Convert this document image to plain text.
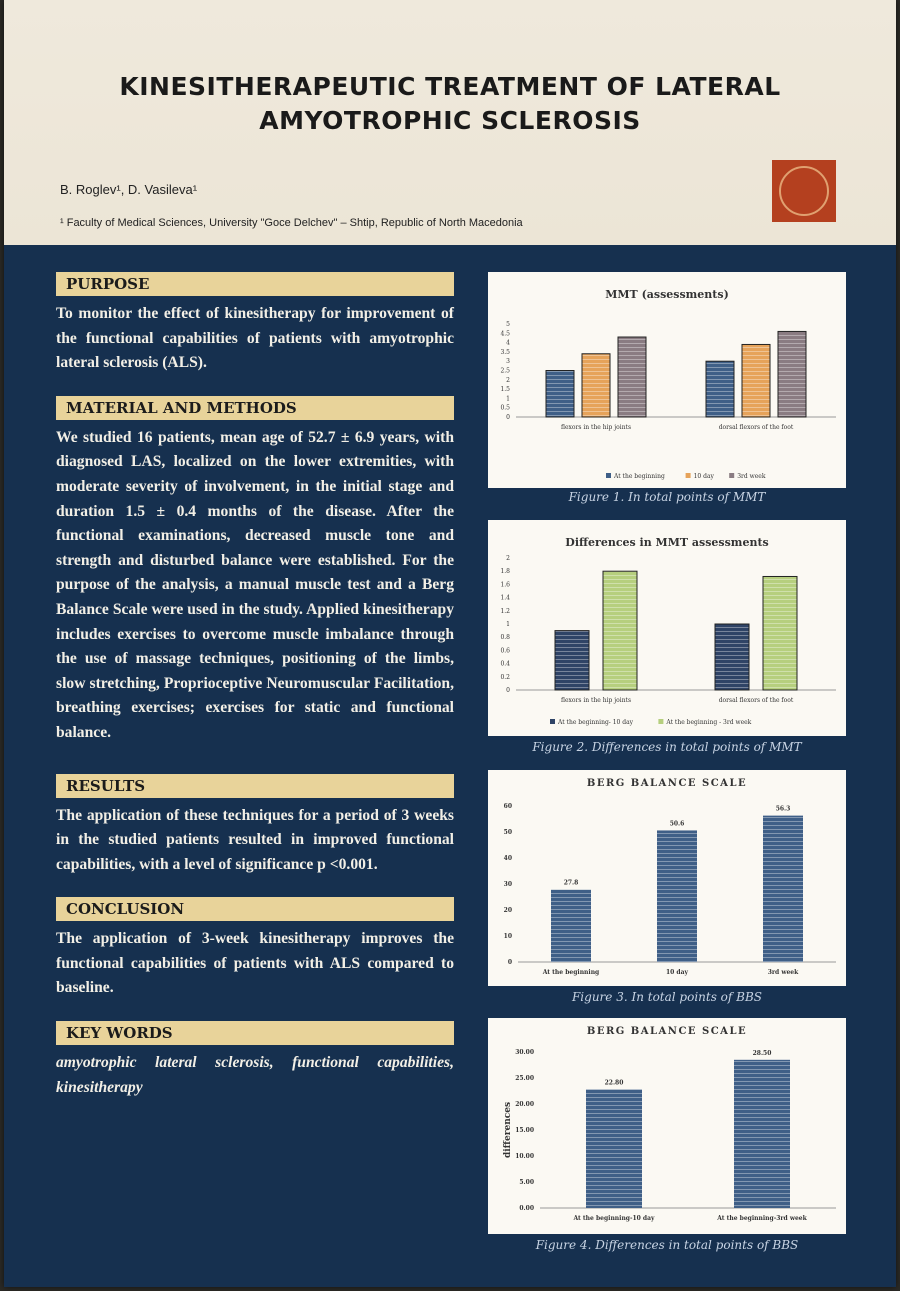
KINESITHERAPEUTIC TREATMENT OF LATERAL
AMYOTROPHIC SCLEROSIS
B. Roglev¹, D. Vasileva¹
¹ Faculty of Medical Sciences, University "Goce Delchev" – Shtip, Republic of North Macedonia
PURPOSE
To monitor the effect of kinesitherapy for improvement of the functional capabilities of patients with amyotrophic lateral sclerosis (ALS).
MATERIAL AND METHODS
We studied 16 patients, mean age of 52.7 ± 6.9 years, with diagnosed LAS, localized on the lower extremities, with moderate severity of involvement, in the initial stage and duration 1.5 ± 0.4 months of the disease. After the functional examinations, decreased muscle tone and strength and disturbed balance were established. For the purpose of the analysis, a manual muscle test and a Berg Balance Scale were used in the study. Applied kinesitherapy includes exercises to overcome muscle imbalance through the use of massage techniques, positioning of the limbs, slow stretching, Proprioceptive Neuromuscular Facilitation, breathing exercises; exercises for static and functional balance.
RESULTS
The application of these techniques for a period of 3 weeks in the studied patients resulted in improved functional capabilities, with a level of significance p <0.001.
CONCLUSION
The application of 3-week kinesitherapy improves the functional capabilities of patients with ALS compared to baseline.
KEY WORDS
amyotrophic lateral sclerosis, functional capabilities, kinesitherapy
MMT (assessments)
0
0.5
1
1.5
2
2.5
3
3.5
4
4.5
5
flexors in the hip joints	dorsal flexors of the foot
At the beginning	10 day	3rd week
Figure 1. In total points of MMT
Differences in MMT assessments
0
0.2
0.4
0.6
0.8
1
1.2
1.4
1.6
1.8
2
flexors in the hip joints	dorsal flexors of the foot
At the beginning- 10 day	At the beginning - 3rd week
Figure 2. Differences in total points of MMT
BERG BALANCE SCALE
0
10
20
30
40
50
60
27.8
At the beginning
50.6
10 day
56.3
3rd week
Figure 3. In total points of BBS
BERG BALANCE SCALE
0.00
5.00
10.00
15.00
20.00
25.00
30.00
differences
22.80
At the beginning-10 day
28.50
At the beginning-3rd week
Figure 4. Differences in total points of BBS
